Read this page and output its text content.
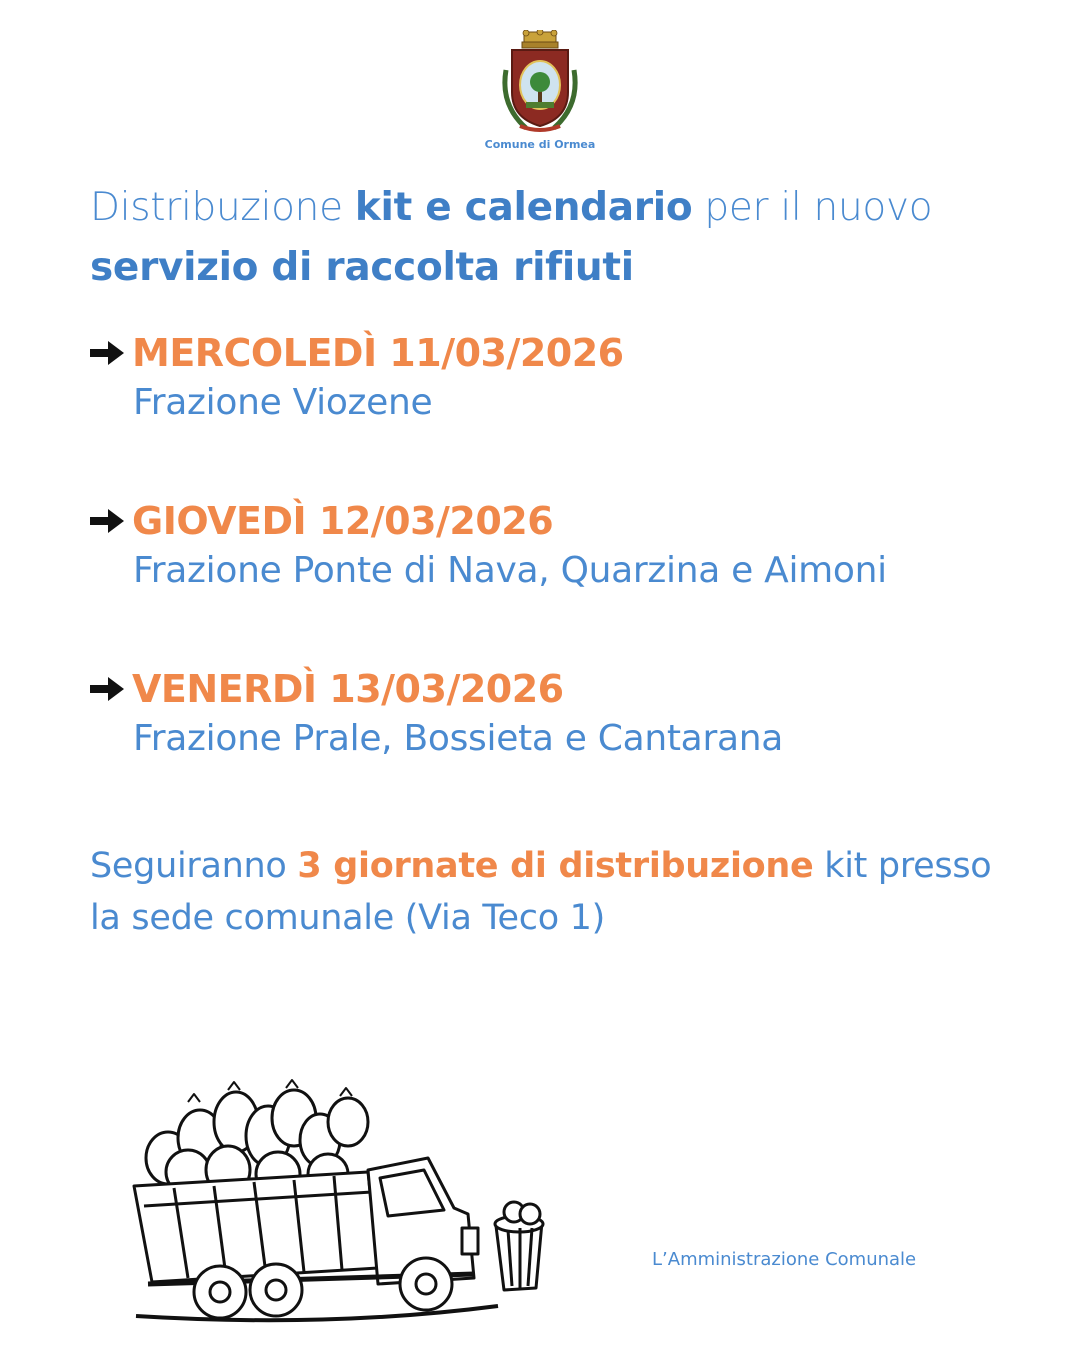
Comune di Ormea
Distribuzione kit e calendario per il nuovo servizio di raccolta rifiuti
MERCOLEDÌ 11/03/2026
Frazione Viozene
GIOVEDÌ 12/03/2026
Frazione Ponte di Nava, Quarzina e Aimoni
VENERDÌ 13/03/2026
Frazione Prale, Bossieta e Cantarana
Seguiranno 3 giornate di distribuzione kit presso la sede comunale (Via Teco 1)
L’Amministrazione Comunale
